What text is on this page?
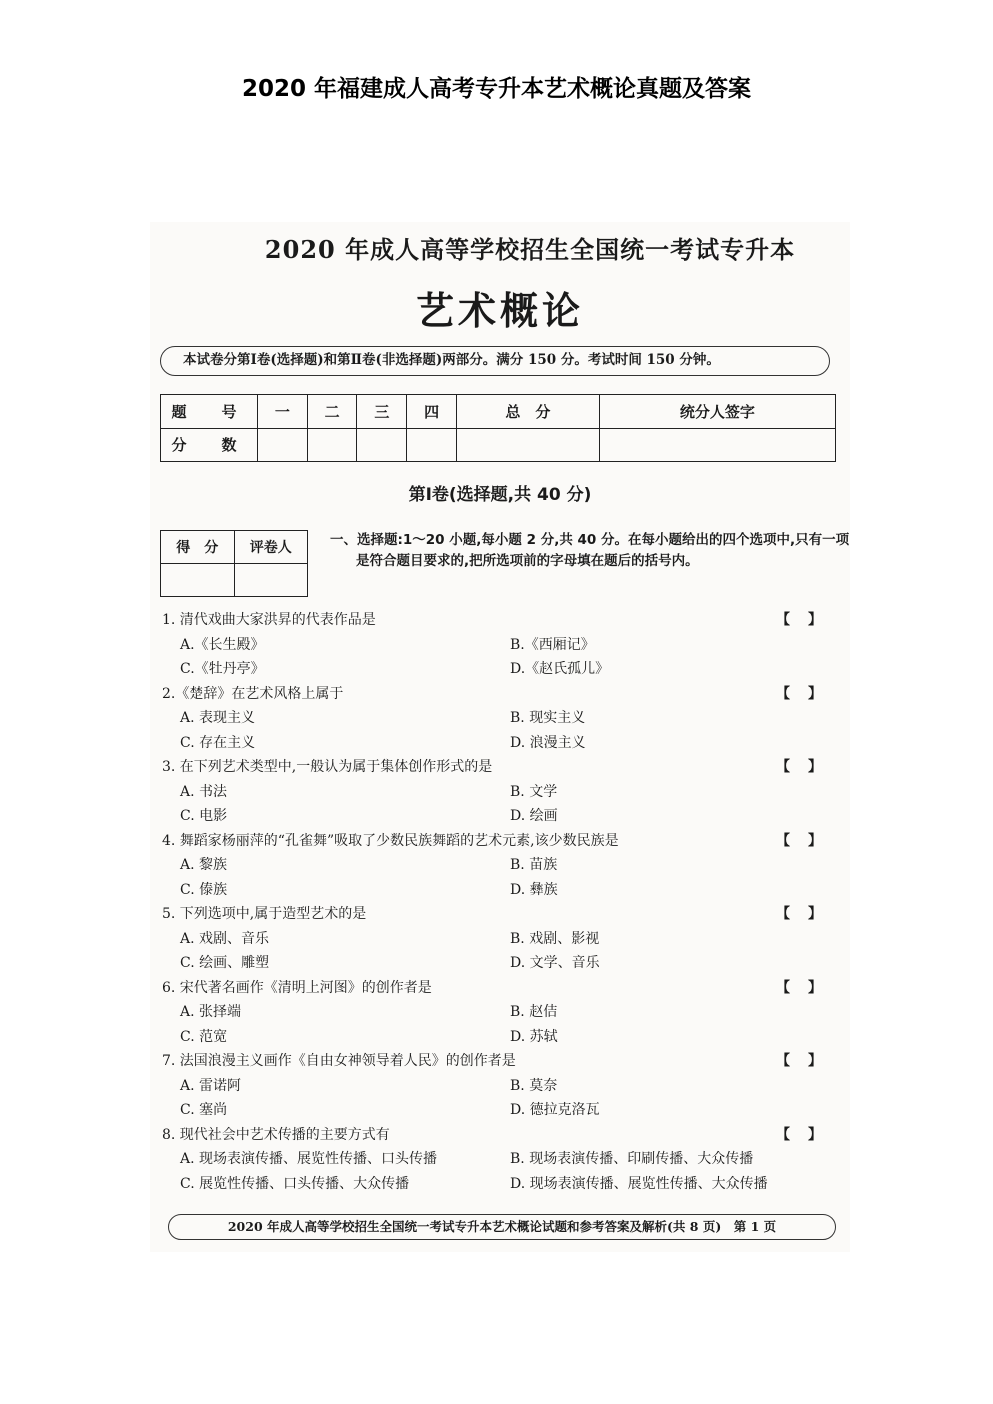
2020 年福建成人高考专升本艺术概论真题及答案
2020 年成人高等学校招生全国统一考试专升本
艺术概论
本试卷分第Ⅰ卷(选择题)和第Ⅱ卷(非选择题)两部分。满分 150 分。考试时间 150 分钟。
题　号	一	二	三	四	总　分	统分人签字
分　数						
第Ⅰ卷(选择题,共 40 分)
得　分	评卷人
		一、选择题:1～20 小题,每小题 2 分,共 40 分。在每小题给出的四个选项中,只有一项是符合题目要求的,把所选项前的字母填在题后的括号内。
1. 清代戏曲大家洪昇的代表作品是	【】
A.《长生殿》	B.《西厢记》
C.《牡丹亭》	D.《赵氏孤儿》
2.《楚辞》在艺术风格上属于	【】
A. 表现主义	B. 现实主义
C. 存在主义	D. 浪漫主义
3. 在下列艺术类型中,一般认为属于集体创作形式的是	【】
A. 书法	B. 文学
C. 电影	D. 绘画
4. 舞蹈家杨丽萍的“孔雀舞”吸取了少数民族舞蹈的艺术元素,该少数民族是	【】
A. 黎族	B. 苗族
C. 傣族	D. 彝族
5. 下列选项中,属于造型艺术的是	【】
A. 戏剧、音乐	B. 戏剧、影视
C. 绘画、雕塑	D. 文学、音乐
6. 宋代著名画作《清明上河图》的创作者是	【】
A. 张择端	B. 赵佶
C. 范宽	D. 苏轼
7. 法国浪漫主义画作《自由女神领导着人民》的创作者是	【】
A. 雷诺阿	B. 莫奈
C. 塞尚	D. 德拉克洛瓦
8. 现代社会中艺术传播的主要方式有	【】
A. 现场表演传播、展览性传播、口头传播	B. 现场表演传播、印刷传播、大众传播
C. 展览性传播、口头传播、大众传播	D. 现场表演传播、展览性传播、大众传播
2020 年成人高等学校招生全国统一考试专升本艺术概论试题和参考答案及解析(共 8 页)　第 1 页
